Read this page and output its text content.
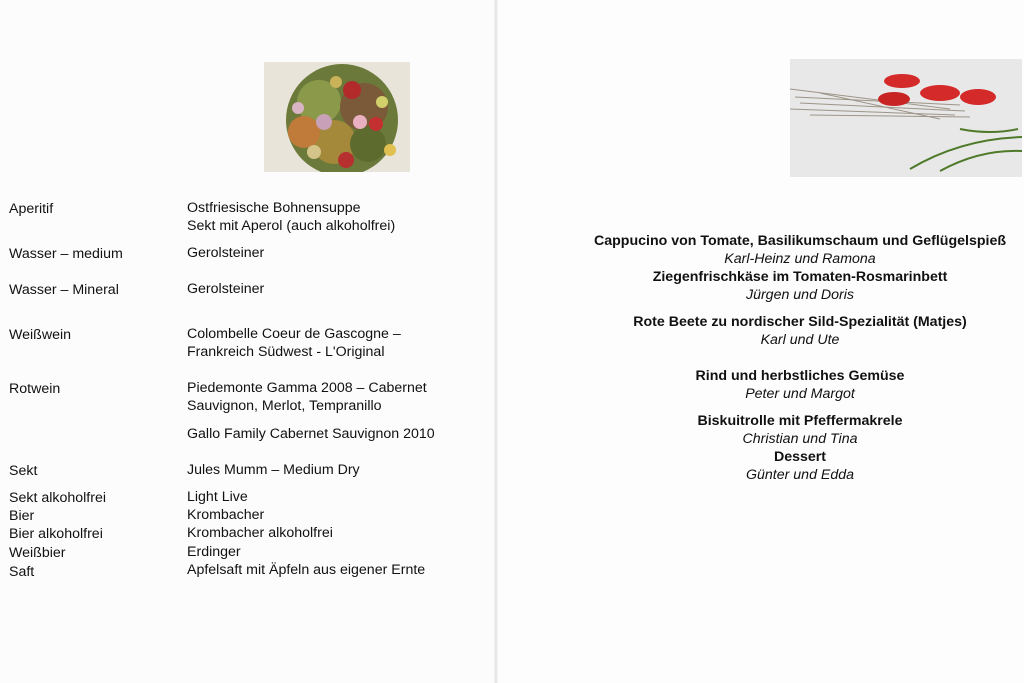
Aperitif	Ostfriesische Bohnensuppe
Sekt mit Aperol (auch alkoholfrei)
Wasser – medium	Gerolsteiner
Wasser – Mineral	Gerolsteiner
Weißwein	Colombelle Coeur de Gascogne –
Frankreich Südwest - L'Original
Rotwein	Piedemonte Gamma 2008 – Cabernet
Sauvignon, Merlot, Tempranillo
Gallo Family Cabernet Sauvignon 2010
Sekt	Jules Mumm – Medium Dry
Sekt alkoholfrei	Light Live
Bier	Krombacher
Bier alkoholfrei	Krombacher alkoholfrei
Weißbier	Erdinger
Saft	Apfelsaft mit Äpfeln aus eigener Ernte
Cappucino von Tomate, Basilikumschaum und Geflügelspieß
Karl-Heinz und Ramona
Ziegenfrischkäse im Tomaten-Rosmarinbett
Jürgen und Doris
Rote Beete zu nordischer Sild-Spezialität (Matjes)
Karl und Ute
Rind und herbstliches Gemüse
Peter und Margot
Biskuitrolle mit Pfeffermakrele
Christian und Tina
Dessert
Günter und Edda
